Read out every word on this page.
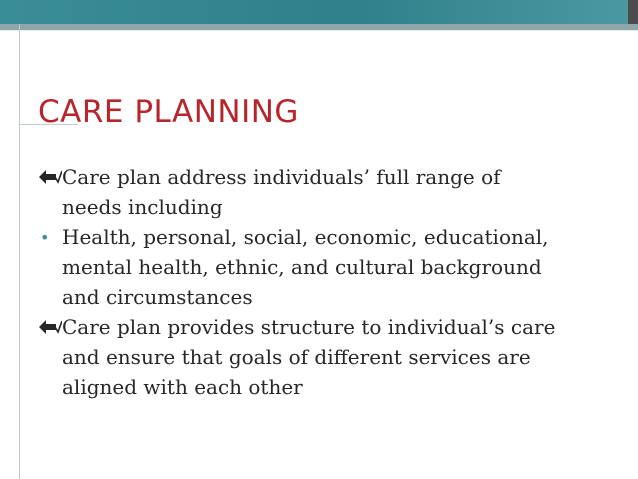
CARE PLANNING
Care plan address individuals’ full range of
needs including
• Health, personal, social, economic, educational,
mental health, ethnic, and cultural background
and circumstances
Care plan provides structure to individual’s care
and ensure that goals of different services are
aligned with each other
